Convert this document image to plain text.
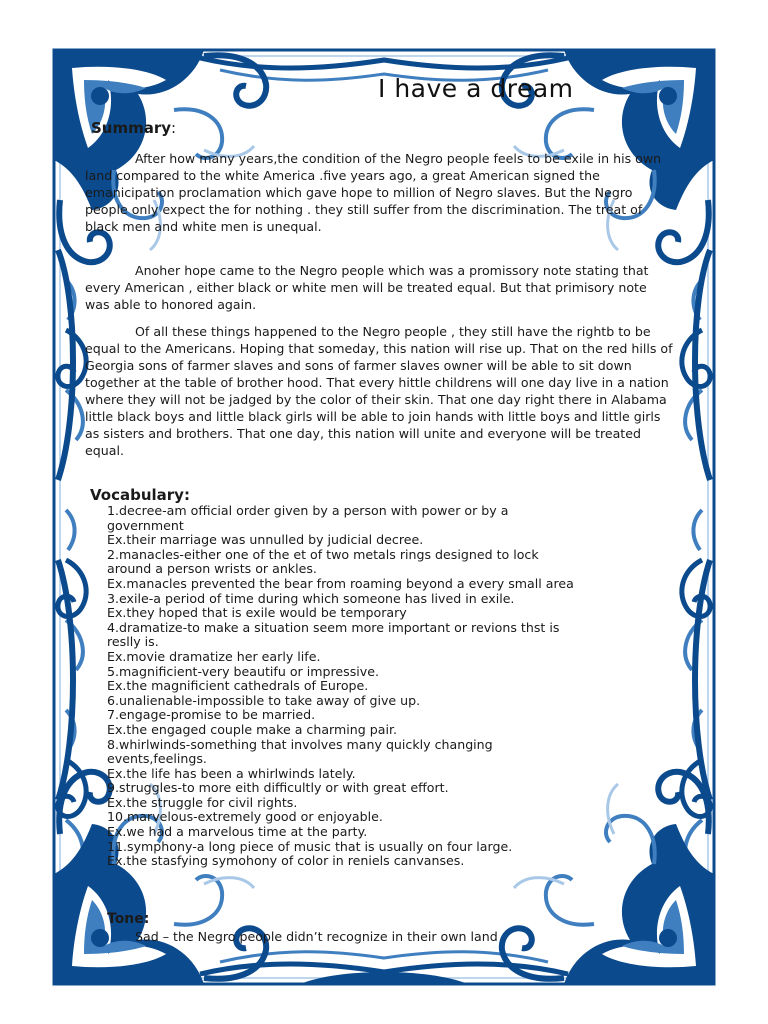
I have a dream
Summary:

After how many years,the condition of the Negro people feels to be exile in his own land compared to the white America .five years ago, a great American signed the emanicipation proclamation which gave hope to million of Negro slaves. But the Negro people only expect the for nothing . they still suffer from the discrimination. The treat of black men and white men is unequal.

Anoher hope came to the Negro people which was a promissory note stating that every American , either black or white men will be treated equal. But that primisory note was able to honored again.

Of all these things happened to the Negro people , they still have the rightb to be equal to the Americans. Hoping that someday, this nation will rise up. That on the red hills of Georgia sons of farmer slaves and sons of farmer slaves owner will be able to sit down together at the table of brother hood. That every hittle childrens will one day live in a nation where they will not be jadged by the color of their skin. That one day right there in Alabama little black boys and little black girls will be able to join hands with little boys and little girls as sisters and brothers. That one day, this nation will unite and everyone will be treated equal.

Vocabulary:
1.decree-am official order given by a person with power or by a
government
Ex.their marriage was unnulled by judicial decree.
2.manacles-either one of the et of two metals rings designed to lock
around a person wrists or ankles.
Ex.manacles prevented the bear from roaming beyond a every small area
3.exile-a period of time during which someone has lived in exile.
Ex.they hoped that is exile would be temporary
4.dramatize-to make a situation seem more important or revions thst is
reslly is.
Ex.movie dramatize her early life.
5.magnificient-very beautifu or impressive.
Ex.the magnificient cathedrals of Europe.
6.unalienable-impossible to take away of give up.
7.engage-promise to be married.
Ex.the engaged couple make a charming pair.
8.whirlwinds-something that involves many quickly changing
events,feelings.
Ex.the life has been a whirlwinds lately.
9.struggles-to more eith difficultly or with great effort.
Ex.the struggle for civil rights.
10.marvelous-extremely good or enjoyable.
Ex.we had a marvelous time at the party.
11.symphony-a long piece of music that is usually on four large.
Ex.the stasfying symohony of color in reniels canvanses.
Tone:
Sad – the Negro people didn’t recognize in their own land
